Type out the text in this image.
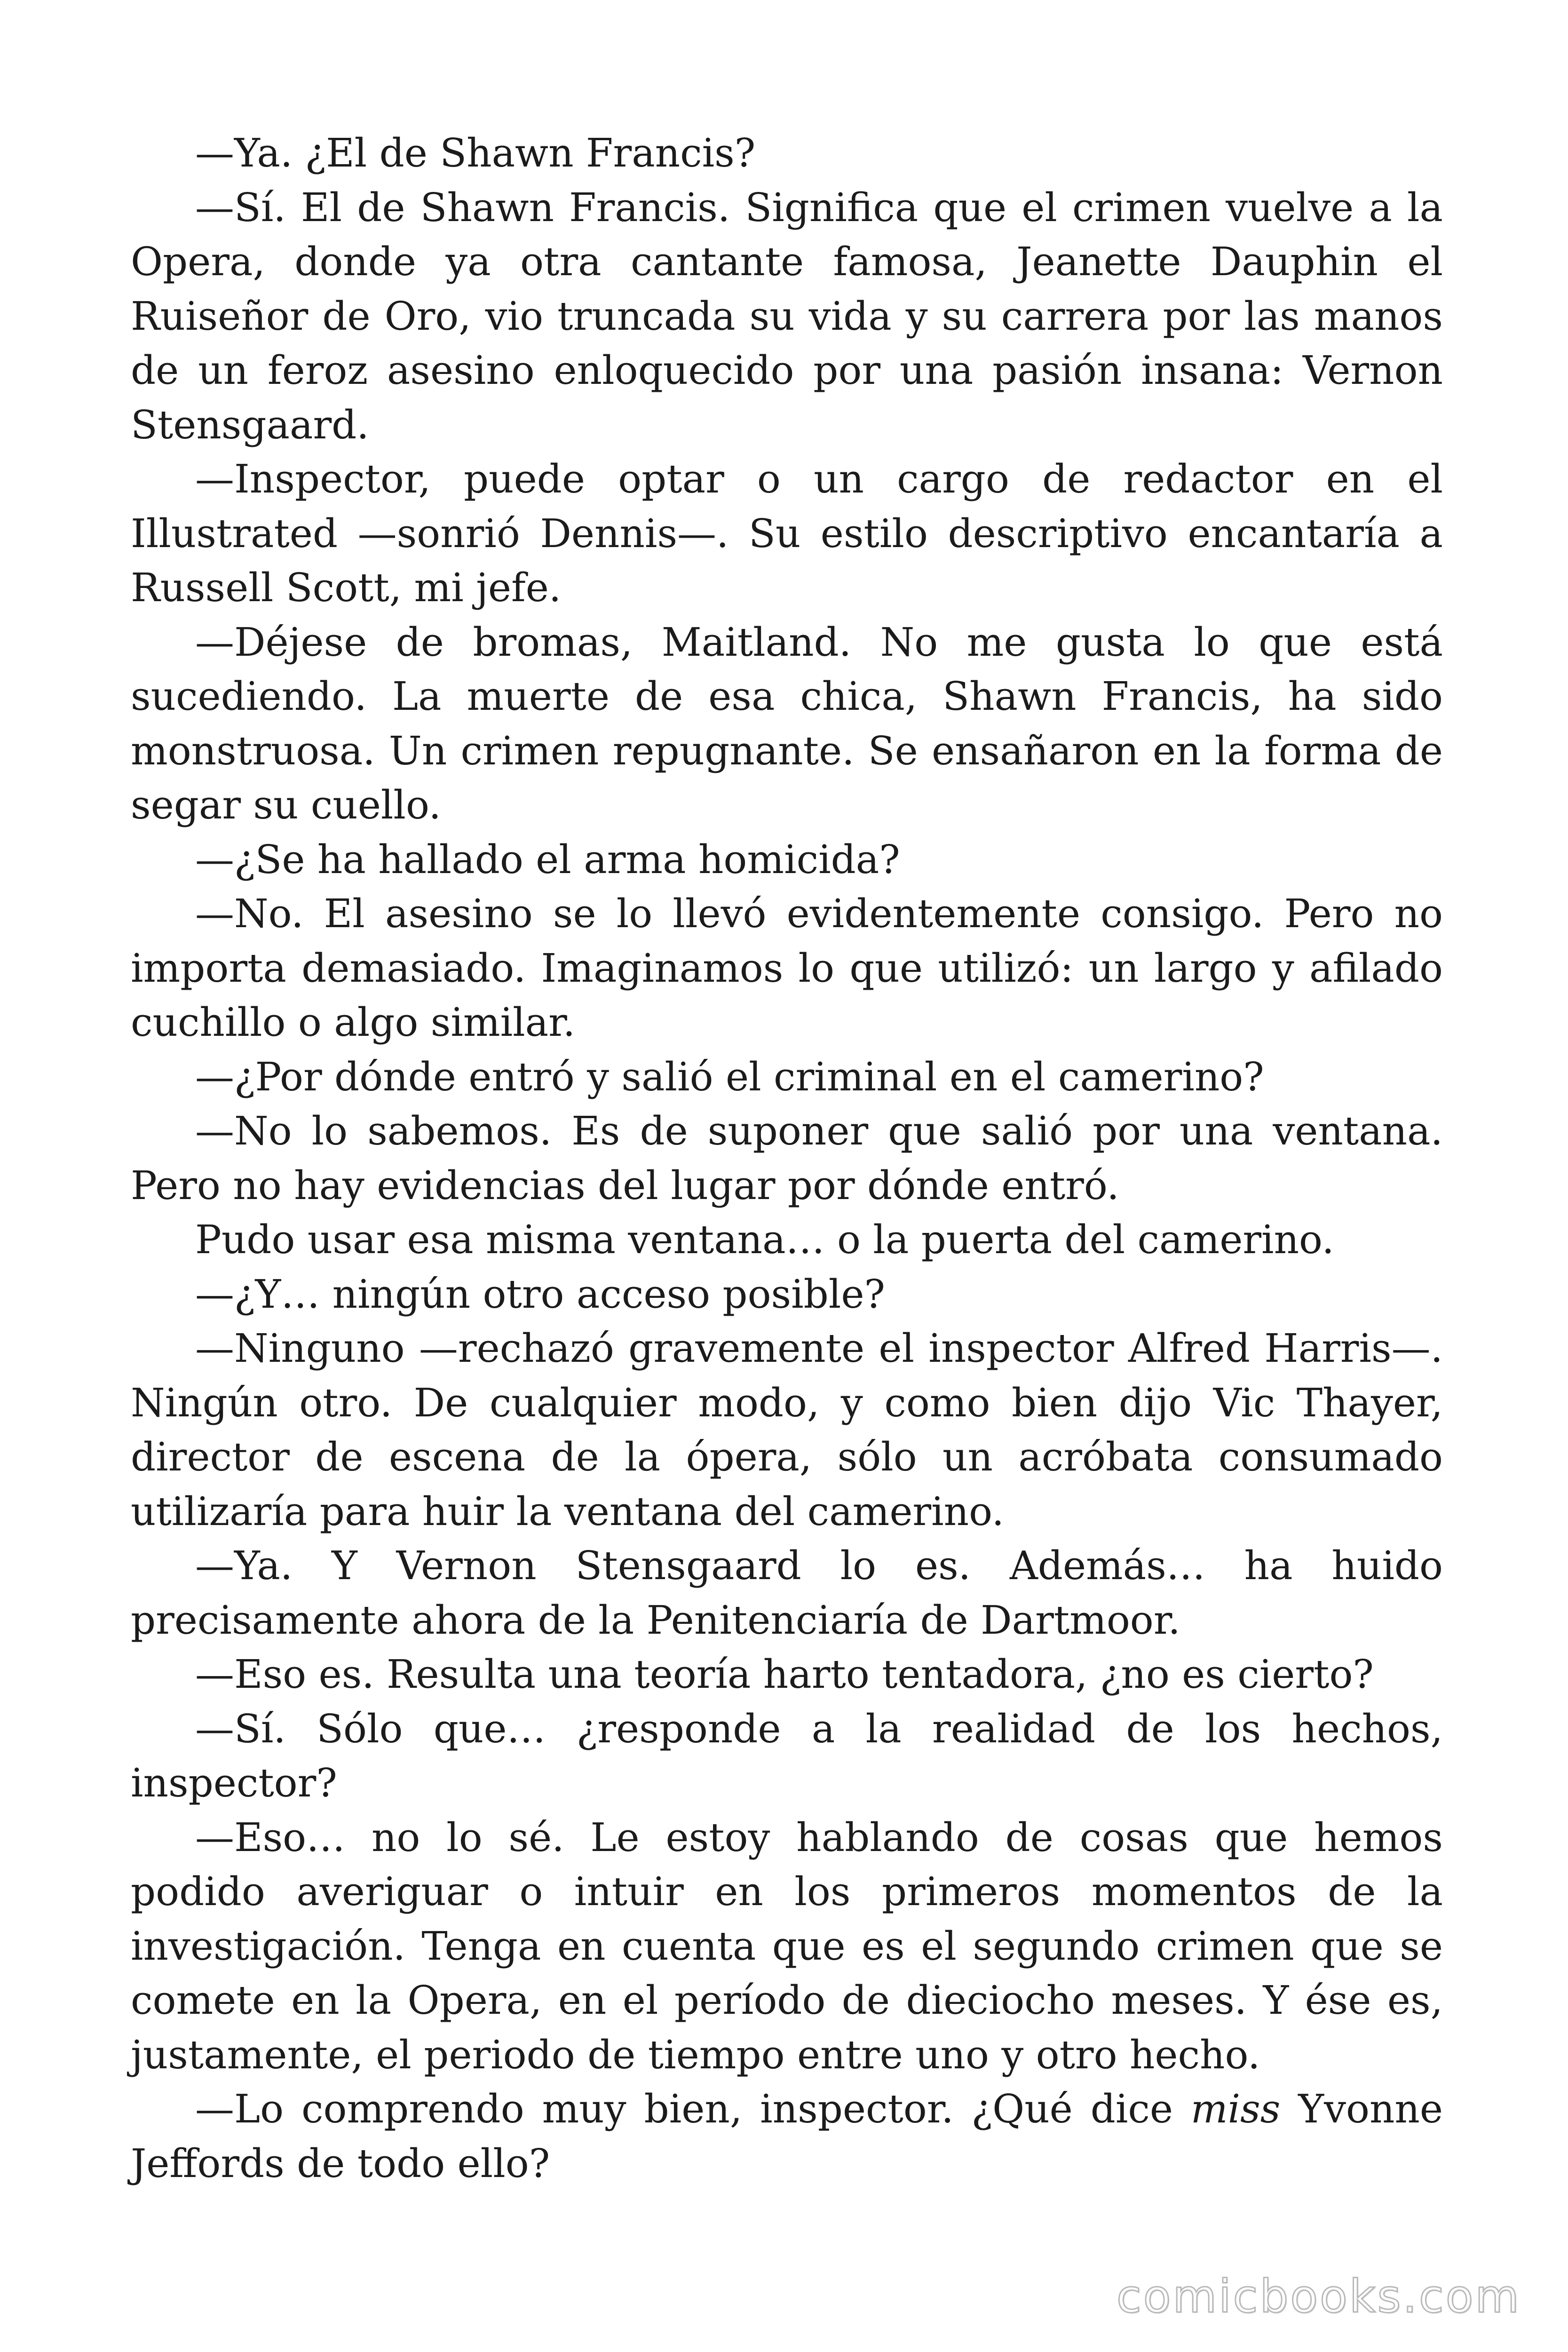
—Ya. ¿El de Shawn Francis?

—Sí. El de Shawn Francis. Significa que el crimen vuelve a la Opera, donde ya otra cantante famosa, Jeanette Dauphin el Ruiseñor de Oro, vio truncada su vida y su carrera por las manos de un feroz asesino enloquecido por una pasión insana: Vernon Stensgaard.

—Inspector, puede optar o un cargo de redactor en el Illustrated —sonrió Dennis—. Su estilo descriptivo encantaría a Russell Scott, mi jefe.

—Déjese de bromas, Maitland. No me gusta lo que está sucediendo. La muerte de esa chica, Shawn Francis, ha sido monstruosa. Un crimen repugnante. Se ensañaron en la forma de segar su cuello.

—¿Se ha hallado el arma homicida?

—No. El asesino se lo llevó evidentemente consigo. Pero no importa demasiado. Imaginamos lo que utilizó: un largo y afilado cuchillo o algo similar.

—¿Por dónde entró y salió el criminal en el camerino?

—No lo sabemos. Es de suponer que salió por una ventana. Pero no hay evidencias del lugar por dónde entró.

Pudo usar esa misma ventana… o la puerta del camerino.

—¿Y… ningún otro acceso posible?

—Ninguno —rechazó gravemente el inspector Alfred Harris—. Ningún otro. De cualquier modo, y como bien dijo Vic Thayer, director de escena de la ópera, sólo un acróbata consumado utilizaría para huir la ventana del camerino.

—Ya. Y Vernon Stensgaard lo es. Además… ha huido precisamente ahora de la Penitenciaría de Dartmoor.

—Eso es. Resulta una teoría harto tentadora, ¿no es cierto?

—Sí. Sólo que… ¿responde a la realidad de los hechos, inspector?

—Eso… no lo sé. Le estoy hablando de cosas que hemos podido averiguar o intuir en los primeros momentos de la investigación. Tenga en cuenta que es el segundo crimen que se comete en la Opera, en el período de dieciocho meses. Y ése es, justamente, el periodo de tiempo entre uno y otro hecho.

—Lo comprendo muy bien, inspector. ¿Qué dice miss Yvonne Jeffords de todo ello?

comicbooks.com
